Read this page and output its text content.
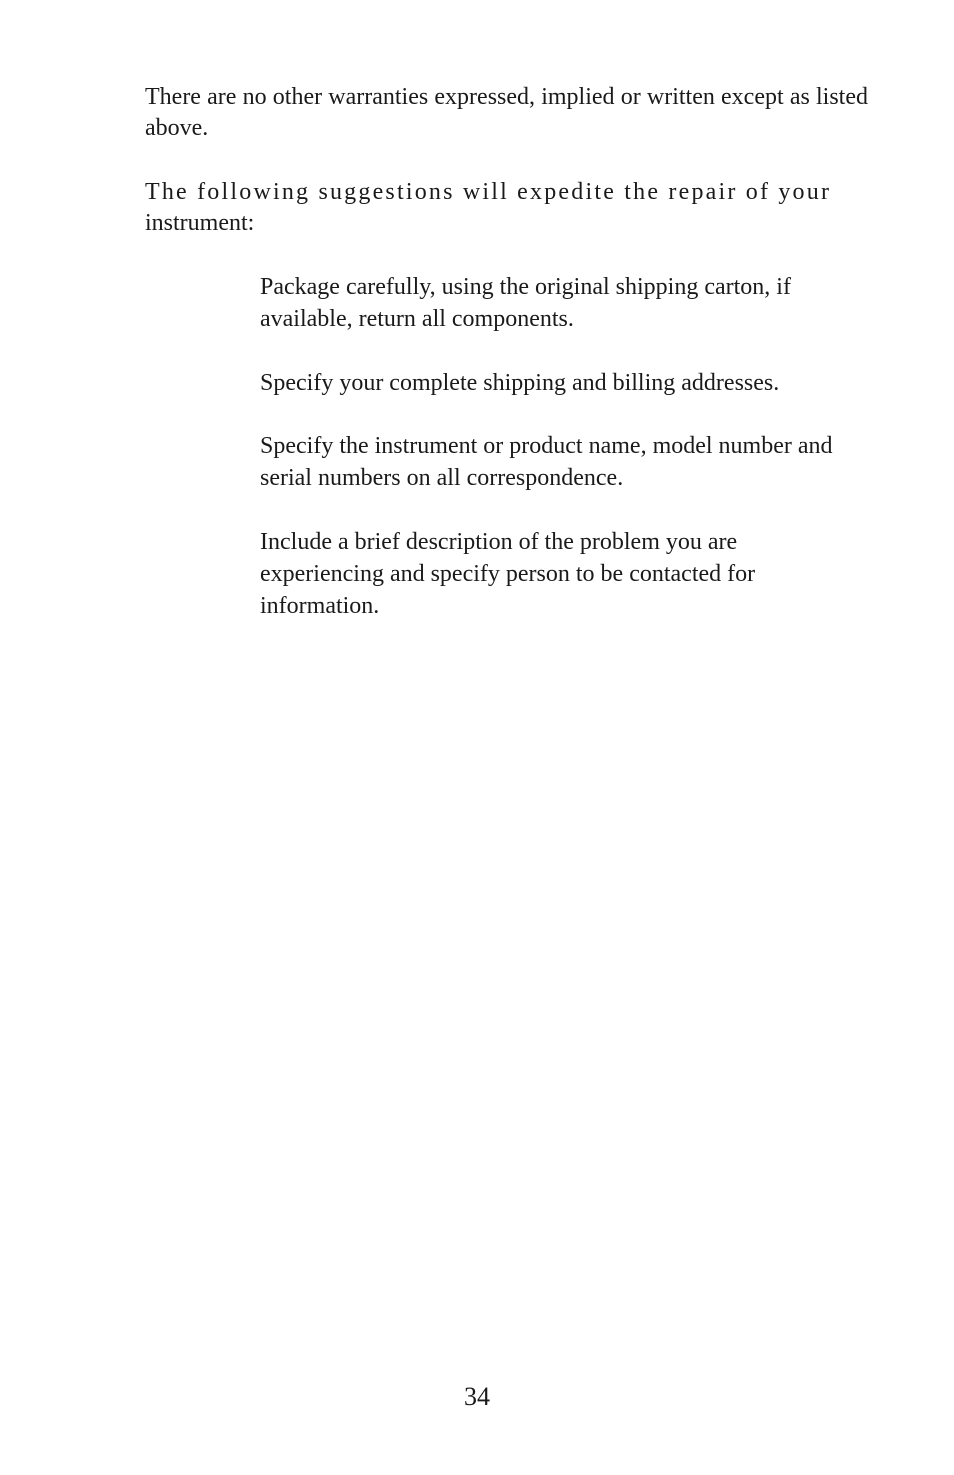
There are no other warranties expressed, implied or written except as listed above.

The following suggestions will expedite the repair of your
instrument:

Package carefully, using the original shipping carton, if available, return all components.
Specify your complete shipping and billing addresses.
Specify the instrument or product name, model number and serial numbers on all correspondence.
Include a brief description of the problem you are experiencing and specify person to be contacted for information.
34
